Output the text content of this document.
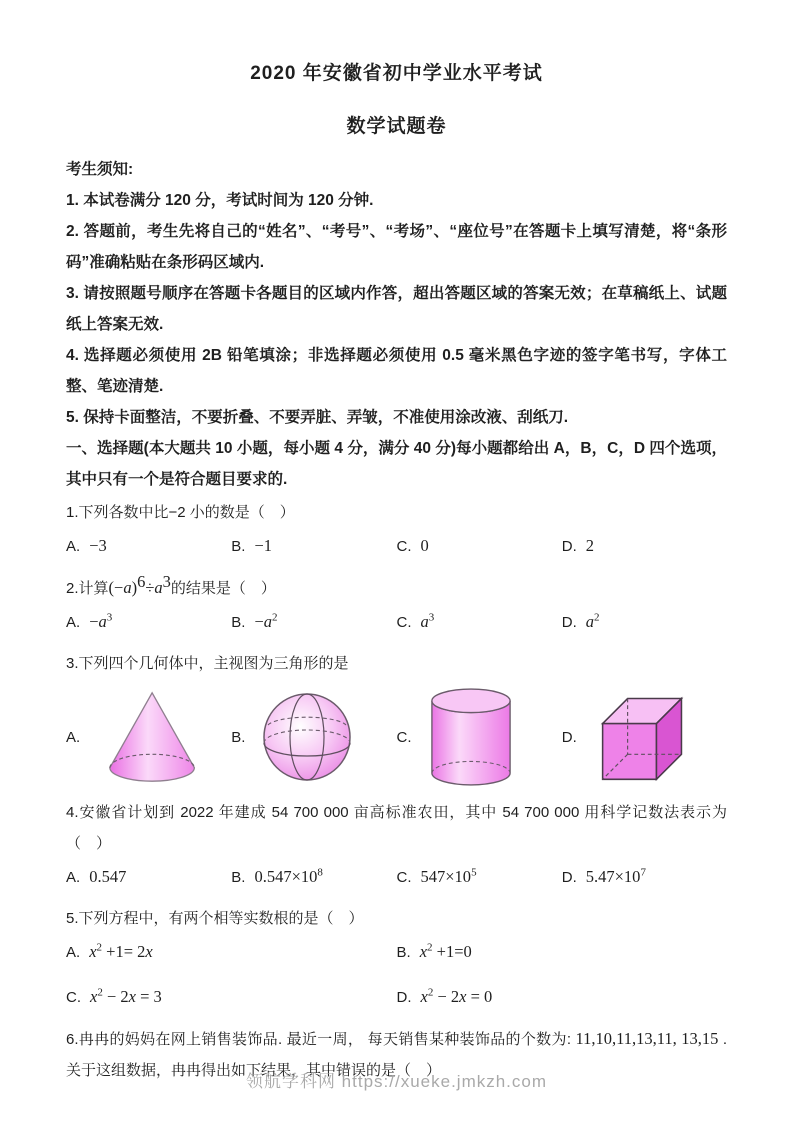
2020 年安徽省初中学业水平考试
数学试题卷

考生须知:

1. 本试卷满分 120 分，考试时间为 120 分钟.

2. 答题前，考生先将自己的“姓名”、“考号”、“考场”、“座位号”在答题卡上填写清楚，将“条形码”准确粘贴在条形码区域内.

3. 请按照题号顺序在答题卡各题目的区域内作答，超出答题区域的答案无效；在草稿纸上、试题纸上答案无效.

4. 选择题必须使用 2B 铅笔填涂；非选择题必须使用 0.5 毫米黑色字迹的签字笔书写，字体工整、笔迹清楚.

5. 保持卡面整洁，不要折叠、不要弄脏、弄皱，不准使用涂改液、刮纸刀.

一、选择题(本大题共 10 小题，每小题 4 分，满分 40 分)每小题都给出 A，B，C，D 四个选项，其中只有一个是符合题目要求的.

1.下列各数中比−2 小的数是（　）

A. −3	B. −1	C. 0	D. 2

2.计算(−a)6÷a3的结果是（　）

A. $-a^3$	B. $-a^2$	C. $a^3$	D. $a^2$

3.下列四个几何体中，主视图为三角形的是

A.	B.	C.	D.

4.安徽省计划到 2022 年建成 54 700 000 亩高标准农田，其中 54 700 000 用科学记数法表示为（　）

A. 0.547	B. $0.547\times 10^8$	C. $547\times 10^5$	D. $5.47\times 10^7$

5.下列方程中，有两个相等实数根的是（　）

A. $x^2 +1= 2x$	B. $x^2 +1=0$
C. $x^2 - 2x = 3$	D. $x^2 - 2x = 0$

6.冉冉的妈妈在网上销售装饰品. 最近一周， 每天销售某种装饰品的个数为: 11,10,11,13,11, 13,15 . 关于这组数据，冉冉得出如下结果，其中错误的是（　）

领航学科网 https://xueke.jmkzh.com
